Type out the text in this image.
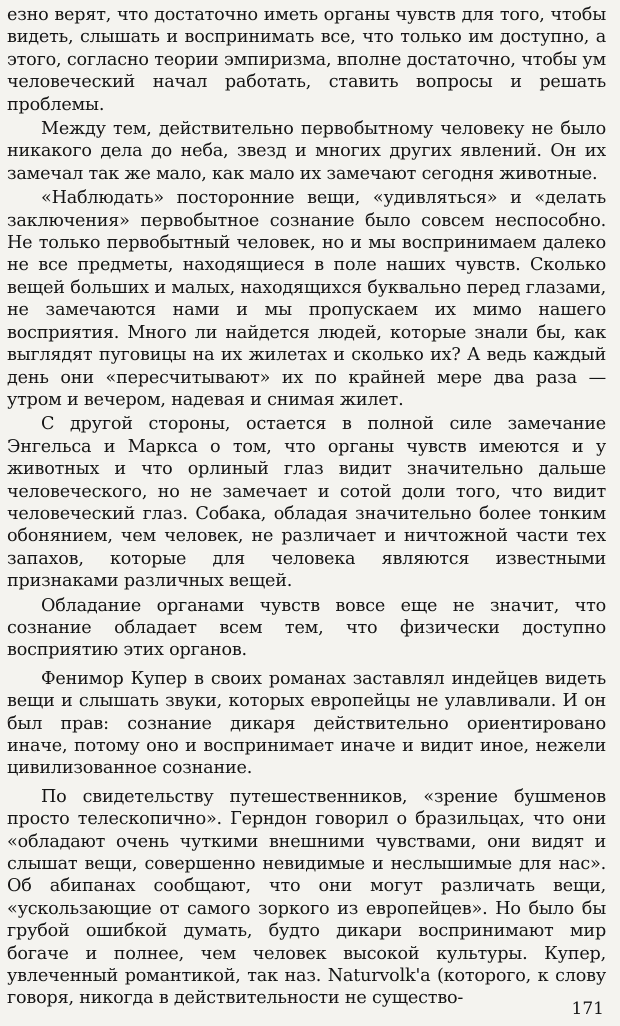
езно верят, что достаточно иметь органы чувств для того, чтобы видеть, слышать и воспринимать все, что только им доступно, а этого, согласно теории эмпиризма, вполне достаточно, чтобы ум человеческий начал работать, ставить вопросы и решать проблемы.

Между тем, действительно первобытному человеку не было никакого дела до неба, звезд и многих других явлений. Он их замечал так же мало, как мало их замечают сегодня животные.

«Наблюдать» посторонние вещи, «удивляться» и «делать заключения» первобытное сознание было совсем неспособно. Не только первобытный человек, но и мы воспринимаем далеко не все предметы, находящиеся в поле наших чувств. Сколько вещей больших и малых, находящихся буквально перед глазами, не замечаются нами и мы пропускаем их мимо нашего восприятия. Много ли найдется людей, которые знали бы, как выглядят пуговицы на их жилетах и сколько их? А ведь каждый день они «пересчитывают» их по крайней мере два раза — утром и вечером, надевая и снимая жилет.

С другой стороны, остается в полной силе замечание Энгельса и Маркса о том, что органы чувств имеются и у животных и что орлиный глаз видит значительно дальше человеческого, но не замечает и сотой доли того, что видит человеческий глаз. Собака, обладая значительно более тонким обонянием, чем человек, не различает и ничтожной части тех запахов, которые для человека являются известными признаками различных вещей.

Обладание органами чувств вовсе еще не значит, что сознание обладает всем тем, что физически доступно восприятию этих органов.

Фенимор Купер в своих романах заставлял индейцев видеть вещи и слышать звуки, которых европейцы не улавливали. И он был прав: сознание дикаря действительно ориентировано иначе, потому оно и воспринимает иначе и видит иное, нежели цивилизованное сознание.

По свидетельству путешественников, «зрение бушменов просто телескопично». Герндон говорил о бразильцах, что они «обладают очень чуткими внешними чувствами, они видят и слышат вещи, совершенно невидимые и неслышимые для нас». Об абипанах сообщают, что они могут различать вещи, «ускользающие от самого зоркого из европейцев». Но было бы грубой ошибкой думать, будто дикари воспринимают мир богаче и полнее, чем человек высокой культуры. Купер, увлеченный романтикой, так наз. Naturvolk'a (которого, к слову говоря, никогда в действительности не существо-

171
